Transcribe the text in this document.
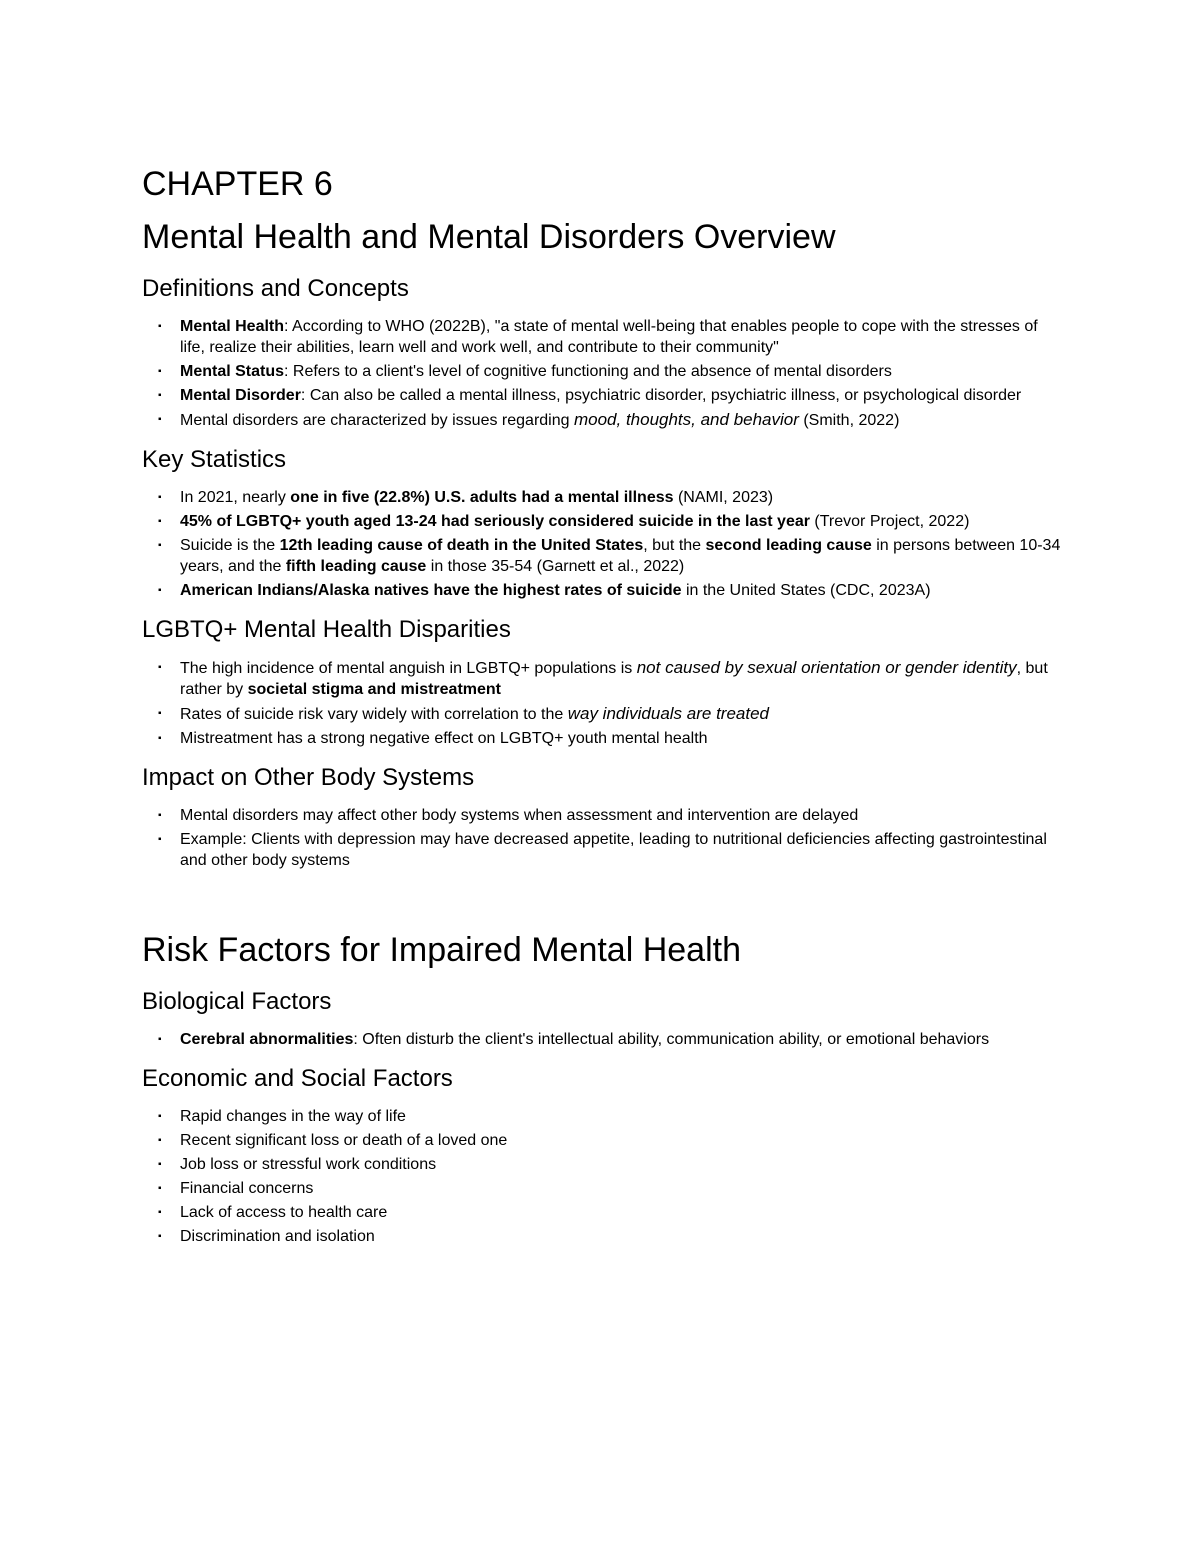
CHAPTER 6
Mental Health and Mental Disorders Overview
Definitions and Concepts
▪ Mental Health: According to WHO (2022B), "a state of mental well-being that enables people to cope with the stresses of life, realize their abilities, learn well and work well, and contribute to their community"
▪ Mental Status: Refers to a client's level of cognitive functioning and the absence of mental disorders
▪ Mental Disorder: Can also be called a mental illness, psychiatric disorder, psychiatric illness, or psychological disorder
▪ Mental disorders are characterized by issues regarding mood, thoughts, and behavior (Smith, 2022)
Key Statistics
▪ In 2021, nearly one in five (22.8%) U.S. adults had a mental illness (NAMI, 2023)
▪ 45% of LGBTQ+ youth aged 13-24 had seriously considered suicide in the last year (Trevor Project, 2022)
▪ Suicide is the 12th leading cause of death in the United States, but the second leading cause in persons between 10-34 years, and the fifth leading cause in those 35-54 (Garnett et al., 2022)
▪ American Indians/Alaska natives have the highest rates of suicide in the United States (CDC, 2023A)
LGBTQ+ Mental Health Disparities
▪ The high incidence of mental anguish in LGBTQ+ populations is not caused by sexual orientation or gender identity, but rather by societal stigma and mistreatment
▪ Rates of suicide risk vary widely with correlation to the way individuals are treated
▪ Mistreatment has a strong negative effect on LGBTQ+ youth mental health
Impact on Other Body Systems
▪ Mental disorders may affect other body systems when assessment and intervention are delayed
▪ Example: Clients with depression may have decreased appetite, leading to nutritional deficiencies affecting gastrointestinal and other body systems
Risk Factors for Impaired Mental Health
Biological Factors
▪ Cerebral abnormalities: Often disturb the client's intellectual ability, communication ability, or emotional behaviors
Economic and Social Factors
▪ Rapid changes in the way of life
▪ Recent significant loss or death of a loved one
▪ Job loss or stressful work conditions
▪ Financial concerns
▪ Lack of access to health care
▪ Discrimination and isolation
